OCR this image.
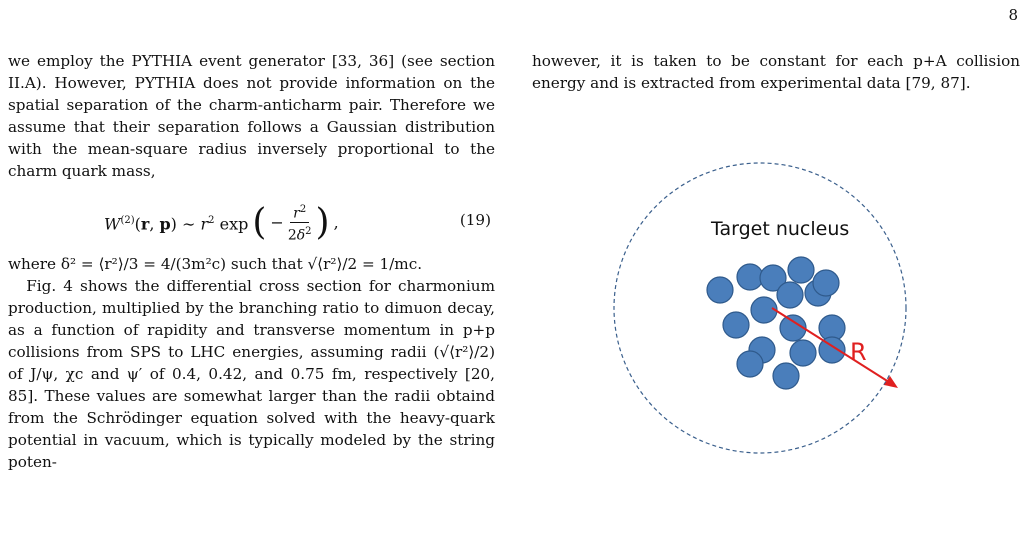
8

we employ the PYTHIA event generator [33, 36] (see section II.A). However, PYTHIA does not provide information on the spatial separation of the charm-anticharm pair. Therefore we assume that their separation follows a Gaussian distribution with the mean-square radius inversely proportional to the charm quark mass,

$W^{(2)}(r$, p) ∼ $r^2$ exp ( − $\frac{r^2}{2\delta^2}$ ) ,	(19)

where δ² = ⟨r²⟩/3 = 4/(3m²c) such that √⟨r²⟩/2 = 1/mc.

Fig. 4 shows the differential cross section for charmonium production, multiplied by the branching ratio to dimuon decay, as a function of rapidity and transverse momentum in p+p collisions from SPS to LHC energies, assuming radii (√⟨r²⟩/2) of J/ψ, χc and ψ′ of 0.4, 0.42, and 0.75 fm, respectively [20, 85]. These values are somewhat larger than the radii obtaind from the Schrödinger equation solved with the heavy-quark potential in vacuum, which is typically modeled by the string poten-

however, it is taken to be constant for each p+A collision energy and is extracted from experimental data [79, 87].

Target nucleus
R
